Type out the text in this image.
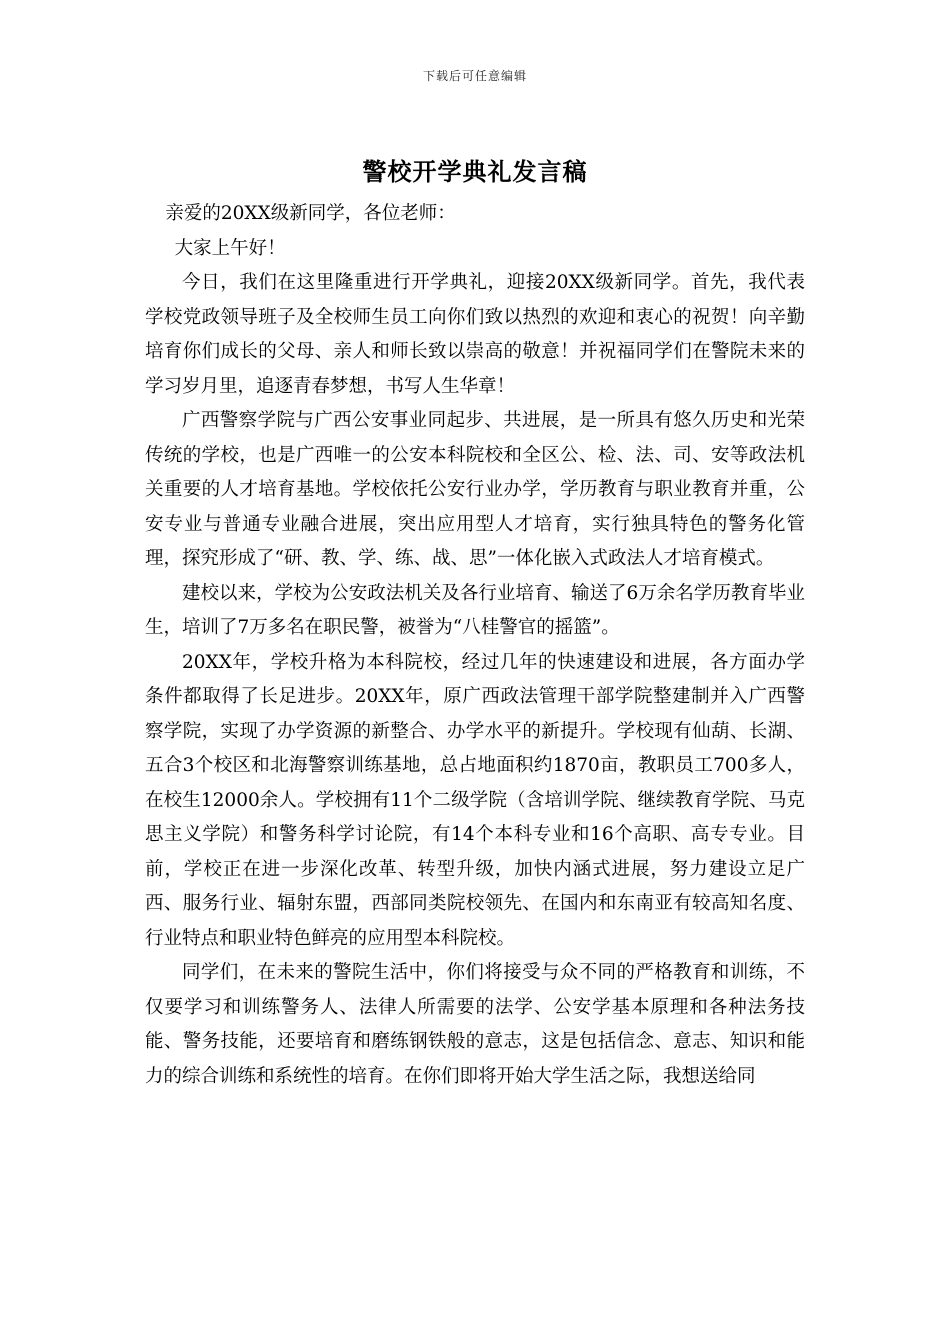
下载后可任意编辑
警校开学典礼发言稿

亲爱的20XX级新同学，各位老师：

大家上午好！

今日，我们在这里隆重进行开学典礼，迎接20XX级新同学。首先，我代表学校党政领导班子及全校师生员工向你们致以热烈的欢迎和衷心的祝贺！向辛勤培育你们成长的父母、亲人和师长致以崇高的敬意！并祝福同学们在警院未来的学习岁月里，追逐青春梦想，书写人生华章！

广西警察学院与广西公安事业同起步、共进展，是一所具有悠久历史和光荣传统的学校，也是广西唯一的公安本科院校和全区公、检、法、司、安等政法机关重要的人才培育基地。学校依托公安行业办学，学历教育与职业教育并重，公安专业与普通专业融合进展，突出应用型人才培育，实行独具特色的警务化管理，探究形成了“研、教、学、练、战、思”一体化嵌入式政法人才培育模式。

建校以来，学校为公安政法机关及各行业培育、输送了6万余名学历教育毕业生，培训了7万多名在职民警，被誉为“八桂警官的摇篮”。

20XX年，学校升格为本科院校，经过几年的快速建设和进展，各方面办学条件都取得了长足进步。20XX年，原广西政法管理干部学院整建制并入广西警察学院，实现了办学资源的新整合、办学水平的新提升。学校现有仙葫、长湖、五合3个校区和北海警察训练基地，总占地面积约1870亩，教职员工700多人，在校生12000余人。学校拥有11个二级学院（含培训学院、继续教育学院、马克思主义学院）和警务科学讨论院，有14个本科专业和16个高职、高专专业。目前，学校正在进一步深化改革、转型升级，加快内涵式进展，努力建设立足广西、服务行业、辐射东盟，西部同类院校领先、在国内和东南亚有较高知名度、行业特点和职业特色鲜亮的应用型本科院校。

同学们，在未来的警院生活中，你们将接受与众不同的严格教育和训练，不仅要学习和训练警务人、法律人所需要的法学、公安学基本原理和各种法务技能、警务技能，还要培育和磨练钢铁般的意志，这是包括信念、意志、知识和能力的综合训练和系统性的培育。在你们即将开始大学生活之际，我想送给同
